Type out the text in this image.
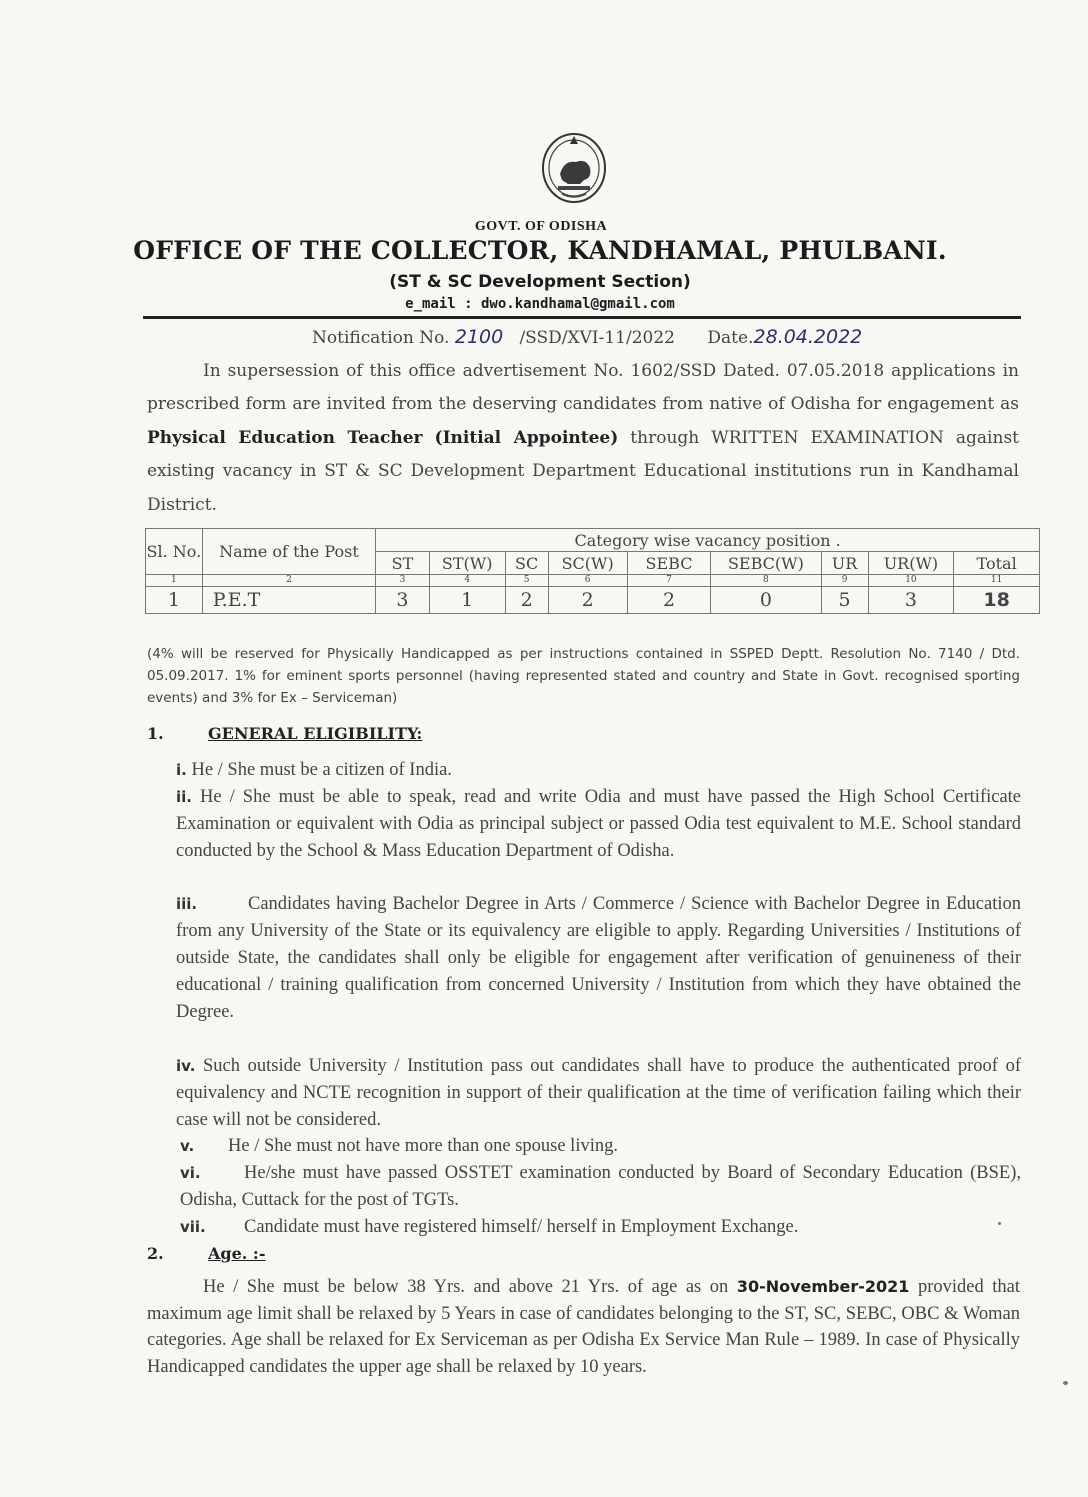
GOVT. OF ODISHA
OFFICE OF THE COLLECTOR, KANDHAMAL, PHULBANI.
(ST & SC Development Section)
e_mail : dwo.kandhamal@gmail.com
Notification No. 2100 /SSD/XVI-11/2022 Date.28.04.2022
In supersession of this office advertisement No. 1602/SSD Dated. 07.05.2018 applications in prescribed form are invited from the deserving candidates from native of Odisha for engagement as Physical Education Teacher (Initial Appointee) through WRITTEN EXAMINATION against existing vacancy in ST & SC Development Department Educational institutions run in Kandhamal District.
Sl. No.	Name of the Post	Category wise vacancy position .								
		ST	ST(W)	SC	SC(W)	SEBC	SEBC(W)	UR	UR(W)	Total
1	2	3	4	5	6	7	8	9	10	11
1	P.E.T	3	1	2	2	2	0	5	3	18
(4% will be reserved for Physically Handicapped as per instructions contained in SSPED Deptt. Resolution No. 7140 / Dtd. 05.09.2017. 1% for eminent sports personnel (having represented stated and country and State in Govt. recognised sporting events) and 3% for Ex – Serviceman)
1.	GENERAL ELIGIBILITY:
i. He / She must be a citizen of India.
ii. He / She must be able to speak, read and write Odia and must have passed the High School Certificate Examination or equivalent with Odia as principal subject or passed Odia test equivalent to M.E. School standard conducted by the School & Mass Education Department of Odisha.
iii.	Candidates having Bachelor Degree in Arts / Commerce / Science with Bachelor Degree in Education from any University of the State or its equivalency are eligible to apply. Regarding Universities / Institutions of outside State, the candidates shall only be eligible for engagement after verification of genuineness of their educational / training qualification from concerned University / Institution from which they have obtained the Degree.
iv. Such outside University / Institution pass out candidates shall have to produce the authenticated proof of equivalency and NCTE recognition in support of their qualification at the time of verification failing which their case will not be considered.
v. He / She must not have more than one spouse living.
vi. He/she must have passed OSSTET examination conducted by Board of Secondary Education (BSE), Odisha, Cuttack for the post of TGTs.
vii. Candidate must have registered himself/ herself in Employment Exchange.
2.	Age. :-
He / She must be below 38 Yrs. and above 21 Yrs. of age as on 30-November-2021 provided that maximum age limit shall be relaxed by 5 Years in case of candidates belonging to the ST, SC, SEBC, OBC & Woman categories. Age shall be relaxed for Ex Serviceman as per Odisha Ex Service Man Rule – 1989. In case of Physically Handicapped candidates the upper age shall be relaxed by 10 years.
